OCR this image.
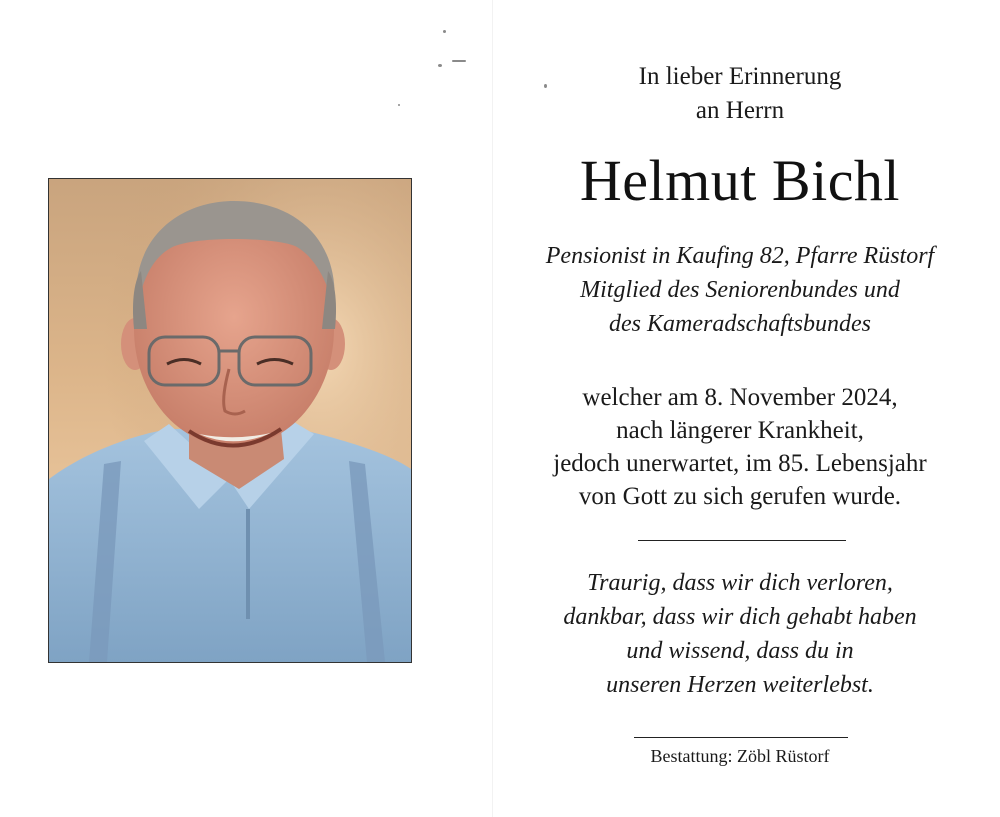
In lieber Erinnerung
an Herrn
Helmut Bichl
Pensionist in Kaufing 82, Pfarre Rüstorf
Mitglied des Seniorenbundes und
des Kameradschaftsbundes
welcher am 8. November 2024,
nach längerer Krankheit,
jedoch unerwartet, im 85. Lebensjahr
von Gott zu sich gerufen wurde.
Traurig, dass wir dich verloren,
dankbar, dass wir dich gehabt haben
und wissend, dass du in
unseren Herzen weiterlebst.
Bestattung: Zöbl Rüstorf
